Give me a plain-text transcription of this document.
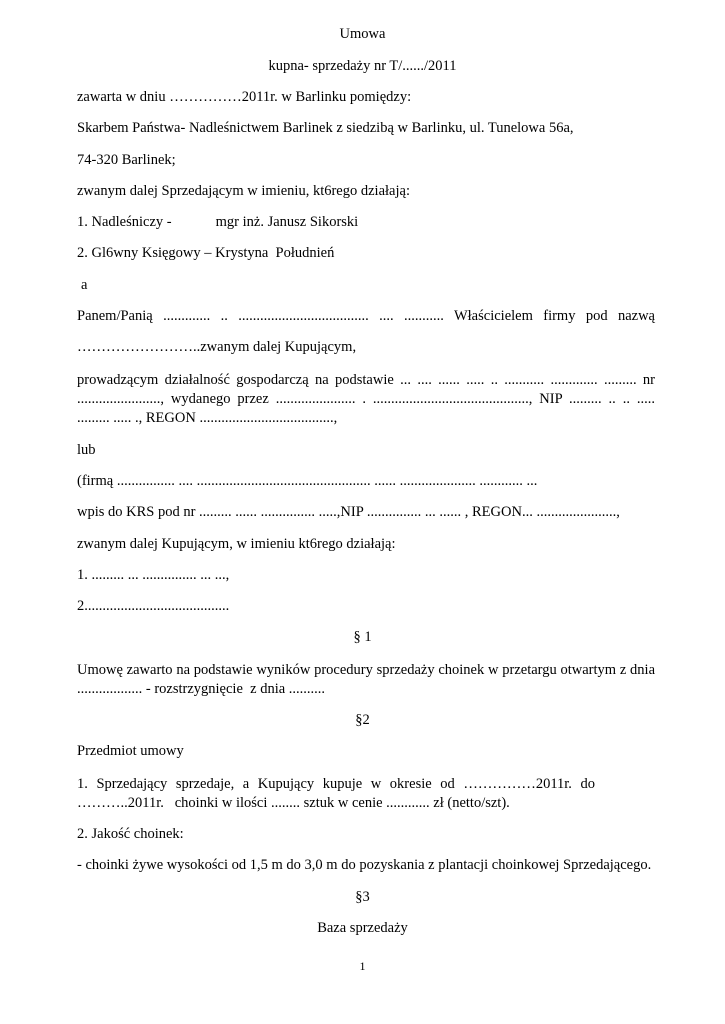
Umowa
kupna- sprzedaży nr T/....../2011
zawarta w dniu ……………2011r. w Barlinku pomiędzy:
Skarbem Państwa- Nadleśnictwem Barlinek z siedzibą w Barlinku, ul. Tunelowa 56a,
74-320 Barlinek;
zwanym dalej Sprzedającym w imieniu, kt6rego działają:
1. Nadleśniczy -	mgr inż. Janusz Sikorski
2. Gl6wny Księgowy – Krystyna  Południeń
a
Panem/Panią ............. .. .................................... .... ........... Właścicielem firmy pod nazwą
……………………..zwanym dalej Kupującym,
prowadzącym działalność gospodarczą na podstawie ... .... ...... ..... .. ........... ............. ......... nr
......................., wydanego przez ...................... . ..........................................., NIP ......... .. .. .....
......... ..... ., REGON .....................................,
lub
(firmą ................ .... ................................................ ...... ..................... ............ ...
wpis do KRS pod nr ......... ...... ............... .....,NIP ............... ... ...... , REGON... ......................,
zwanym dalej Kupującym, w imieniu kt6rego działają:
1. ......... ... ............... ... ...,
2........................................
§ 1
Umowę zawarto na podstawie wyników procedury sprzedaży choinek w przetargu otwartym z dnia
.................. - rozstrzygnięcie  z dnia ..........
§2
Przedmiot umowy
1. Sprzedający sprzedaje, a Kupujący kupuje w okresie od ……………2011r. do
………..2011r.   choinki w ilości ........ sztuk w cenie ............ zł (netto/szt).
2. Jakość choinek:
- choinki żywe wysokości od 1,5 m do 3,0 m do pozyskania z plantacji choinkowej Sprzedającego.
§3
Baza sprzedaży
1
